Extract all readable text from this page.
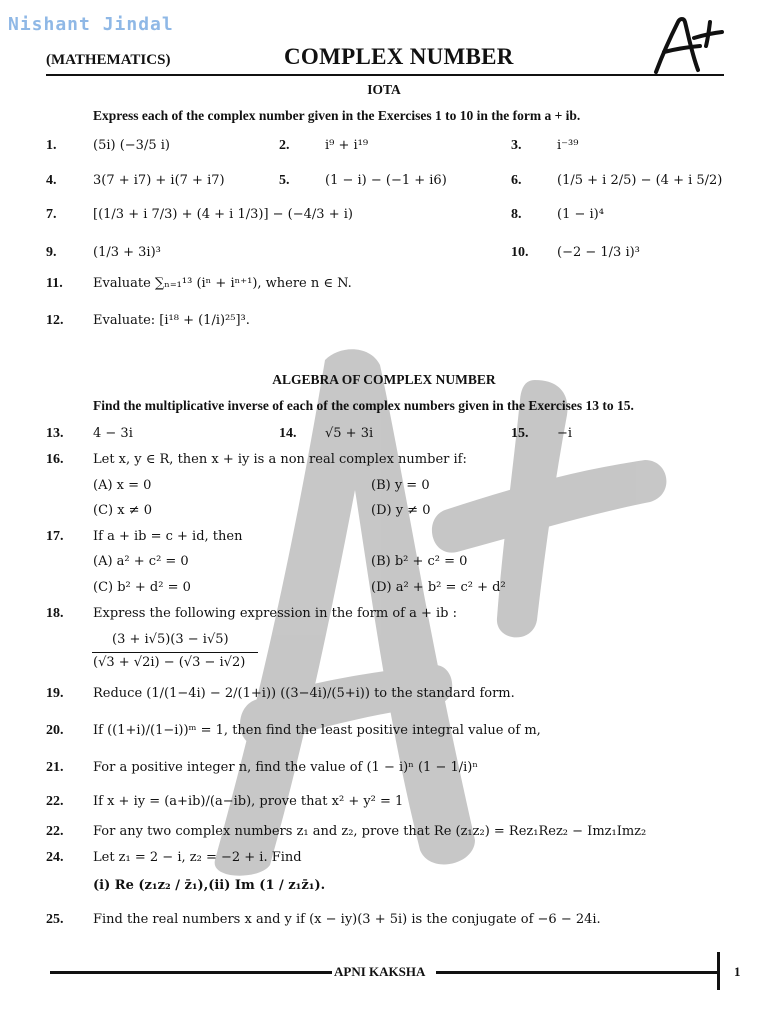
Nishant Jindal
(MATHEMATICS)	COMPLEX NUMBER
IOTA
Express each of the complex number given in the Exercises 1 to 10 in the form a + ib.
1.	(5i) (−3/5 i)	2.	i⁹ + i¹⁹	3.	i⁻³⁹
4.	3(7 + i7) + i(7 + i7)	5.	(1 − i) − (−1 + i6)	6.	(1/5 + i 2/5) − (4 + i 5/2)
7.	[(1/3 + i 7/3) + (4 + i 1/3)] − (−4/3 + i)	8.	(1 − i)⁴
9.	(1/3 + 3i)³	10. (−2 − 1/3 i)³
11. Evaluate ∑ₙ₌₁¹³ (iⁿ + iⁿ⁺¹), where n ∈ N.
12. Evaluate: [i¹⁸ + (1/i)²⁵]³.
ALGEBRA OF COMPLEX NUMBER
Find the multiplicative inverse of each of the complex numbers given in the Exercises 13 to 15.
13. 4 − 3i	14. √5 + 3i	15. −i
16. Let x, y ∈ R, then x + iy is a non real complex number if:
(A) x = 0	(B) y = 0
(C) x ≠ 0	(D) y ≠ 0
17. If a + ib = c + id, then
(A) a² + c² = 0	(B) b² + c² = 0
(C) b² + d² = 0	(D) a² + b² = c² + d²
18. Express the following expression in the form of a + ib :
(3 + i√5)(3 − i√5)
(√3 + √2i) − (√3 − i√2)
19. Reduce (1/(1−4i) − 2/(1+i)) ((3−4i)/(5+i)) to the standard form.
20. If ((1+i)/(1−i))ᵐ = 1, then find the least positive integral value of m,
21. For a positive integer n, find the value of (1 − i)ⁿ (1 − 1/i)ⁿ
22. If x + iy = (a+ib)/(a−ib), prove that x² + y² = 1
22. For any two complex numbers z₁ and z₂, prove that Re (z₁z₂) = Rez₁Rez₂ − Imz₁Imz₂
24. Let z₁ = 2 − i, z₂ = −2 + i. Find
(i) Re (z₁z₂ / z̄₁),(ii) Im (1 / z₁z̄₁).
25. Find the real numbers x and y if (x − iy)(3 + 5i) is the conjugate of −6 − 24i.
APNI KAKSHA	1
